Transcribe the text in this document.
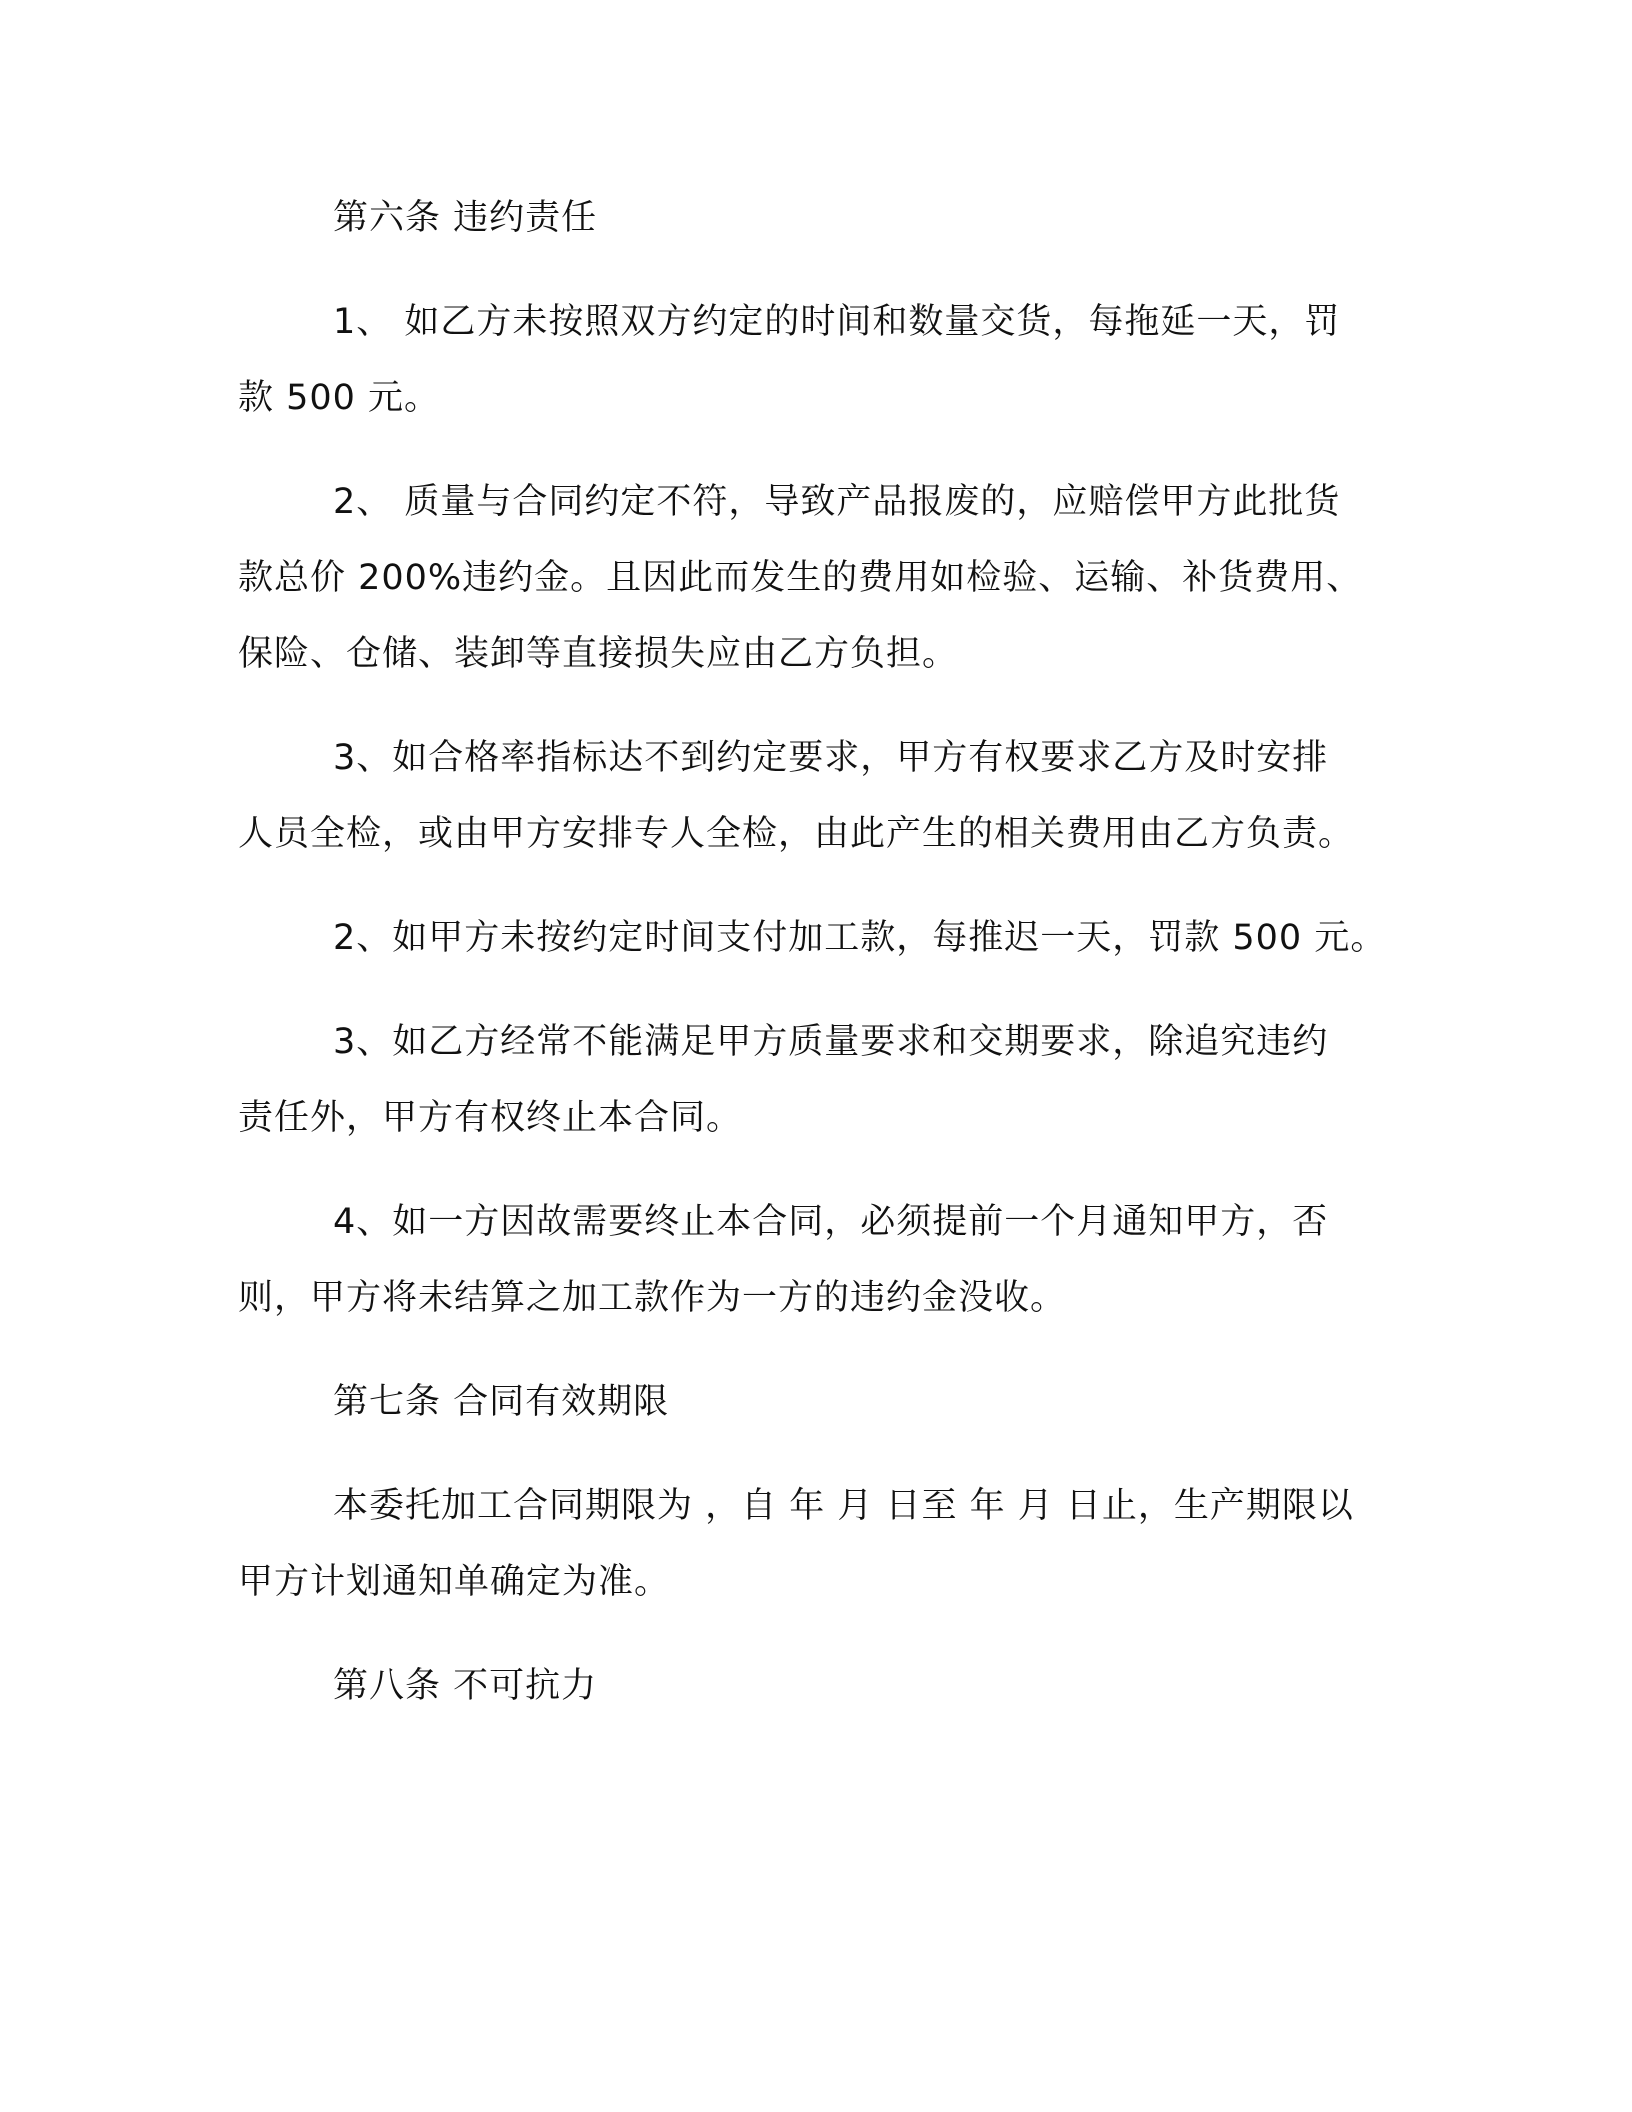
第六条 违约责任
1、 如乙方未按照双方约定的时间和数量交货，每拖延一天，罚
款 500 元。
2、 质量与合同约定不符，导致产品报废的，应赔偿甲方此批货
款总价 200%违约金。且因此而发生的费用如检验、运输、补货费用、
保险、仓储、装卸等直接损失应由乙方负担。
3、如合格率指标达不到约定要求，甲方有权要求乙方及时安排
人员全检，或由甲方安排专人全检，由此产生的相关费用由乙方负责。
2、如甲方未按约定时间支付加工款，每推迟一天，罚款 500 元。
3、如乙方经常不能满足甲方质量要求和交期要求，除追究违约
责任外，甲方有权终止本合同。
4、如一方因故需要终止本合同，必须提前一个月通知甲方，否
则，甲方将未结算之加工款作为一方的违约金没收。
第七条 合同有效期限
本委托加工合同期限为 ，自 年 月 日至 年 月 日止，生产期限以
甲方计划通知单确定为准。
第八条 不可抗力
